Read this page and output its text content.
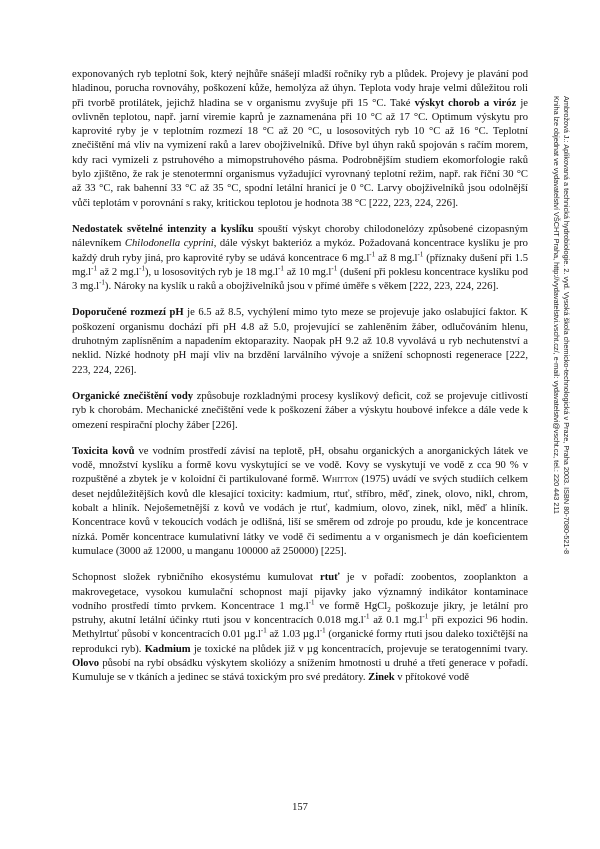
exponovaných ryb teplotní šok, který nejhůře snášejí mladší ročníky ryb a plůdek. Projevy je plavání pod hladinou, porucha rovnováhy, poškození kůže, hemolýza až úhyn. Teplota vody hraje velmi důležitou roli při tvorbě protilátek, jejichž hladina se v organismu zvyšuje při 15 °C. Také výskyt chorob a viróz je ovlivněn teplotou, např. jarní viremie kaprů je zaznamenána při 10 °C až 17 °C. Optimum výskytu pro kaprovité ryby je v teplotním rozmezí 18 °C až 20 °C, u lososovitých ryb 10 °C až 16 °C. Teplotní znečištění má vliv na vymizení raků a larev obojživelníků. Dříve byl úhyn raků spojován s račím morem, kdy raci vymizeli z pstruhového a mimopstruhového pásma. Podrobnějším studiem ekomorfologie raků bylo zjištěno, že rak je stenotermní organismus vyžadující vyrovnaný teplotní režim, např. rak říční 30 °C až 33 °C, rak bahenní 33 °C až 35 °C, spodní letální hranicí je 0 °C. Larvy obojživelníků jsou odolnější vůči teplotám v porovnání s raky, kritickou teplotou je hodnota 38 °C [222, 223, 224, 226].

Nedostatek světelné intenzity a kyslíku spouští výskyt choroby chilodonelózy způsobené cizopasným nálevníkem Chilodonella cyprini, dále výskyt bakterióz a mykóz. Požadovaná koncentrace kyslíku je pro každý druh ryby jiná, pro kaprovité ryby se udává koncentrace 6 $mg.l^{-1}$ až 8 $mg.l^{-1}$ (příznaky dušení při 1.5 $mg.l^{-1}$ až 2 $mg.l^{-1}$), u lososovitých ryb je 18 $mg.l^{-1}$ až 10 $mg.l^{-1}$ (dušení při poklesu koncentrace kyslíku pod 3 $mg.l^{-1}$). Nároky na kyslík u raků a obojživelníků jsou v přímé úměře s věkem [222, 223, 224, 226].

Doporučené rozmezí pH je 6.5 až 8.5, vychýlení mimo tyto meze se projevuje jako oslabující faktor. K poškození organismu dochází při pH 4.8 až 5.0, projevující se zahleněním žáber, odlučováním hlenu, druhotným zaplísněním a napadením ektoparazity. Naopak pH 9.2 až 10.8 vyvolává u ryb nechutenství a neklid. Nízké hodnoty pH mají vliv na brzdění larválního vývoje a snížení schopnosti regenerace [222, 223, 224, 226].

Organické znečištění vody způsobuje rozkladnými procesy kyslíkový deficit, což se projevuje citlivostí ryb k chorobám. Mechanické znečištění vede k poškození žáber a výskytu houbové infekce a dále vede k omezení respirační plochy žáber [226].

Toxicita kovů ve vodním prostředí závisí na teplotě, pH, obsahu organických a anorganických látek ve vodě, množství kyslíku a formě kovu vyskytující se ve vodě. Kovy se vyskytují ve vodě z cca 90 % v rozpuštěné a zbytek je v koloidní či partikulované formě. Whitton (1975) uvádí ve svých studiích celkem deset nejdůležitějších kovů dle klesající toxicity: kadmium, rtuť, stříbro, měď, zinek, olovo, nikl, chrom, kobalt a hliník. Nejošemetnější z kovů ve vodách je rtuť, kadmium, olovo, zinek, nikl, měď a hliník. Koncentrace kovů v tekoucích vodách je odlišná, liší se směrem od zdroje po proudu, kde je koncentrace nízká. Poměr koncentrace kumulativní látky ve vodě či sedimentu a v organismech je dán koeficientem kumulace (3000 až 12000, u manganu 100000 až 250000) [225].

Schopnost složek rybničního ekosystému kumulovat rtuť je v pořadí: zoobentos, zooplankton a makrovegetace, vysokou kumulační schopnost mají pijavky jako významný indikátor kontaminace vodního prostředí tímto prvkem. Koncentrace 1 $mg.l^{-1}$ ve formě HgCl$_2$ poškozuje jikry, je letální pro pstruhy, akutní letální účinky rtuti jsou v koncentracích 0.018 $mg.l^{-1}$ až 0.1 $mg.l^{-1}$ při expozici 96 hodin. Methylrtuť působí v koncentracích 0.01 $\mu g.l^{-1}$ až 1.03 $\mu g.l^{-1}$ (organické formy rtuti jsou daleko toxičtější na reprodukci ryb). Kadmium je toxické na plůdek již v µg koncentracích, projevuje se teratogenními tvary. Olovo působí na rybí obsádku výskytem skoliózy a snížením hmotnosti u druhé a třetí generace v pořadí. Kumuluje se v tkáních a jedinec se stává toxickým pro své predátory. Zinek v přítokové vodě

Ambrožová J.: Aplikovaná a technická hydrobiologie. 2. vyd. Vysoká škola chemicko-technologická v Praze, Praha 2003. ISBN 80-7080-521-8
Kniha lze objednat ve vydavatelství VŠCHT Praha, http://vydavatelstvi.vscht.cz/, e-mail: vydavatelstvi@vscht.cz, tel.: 220 443 211
157
